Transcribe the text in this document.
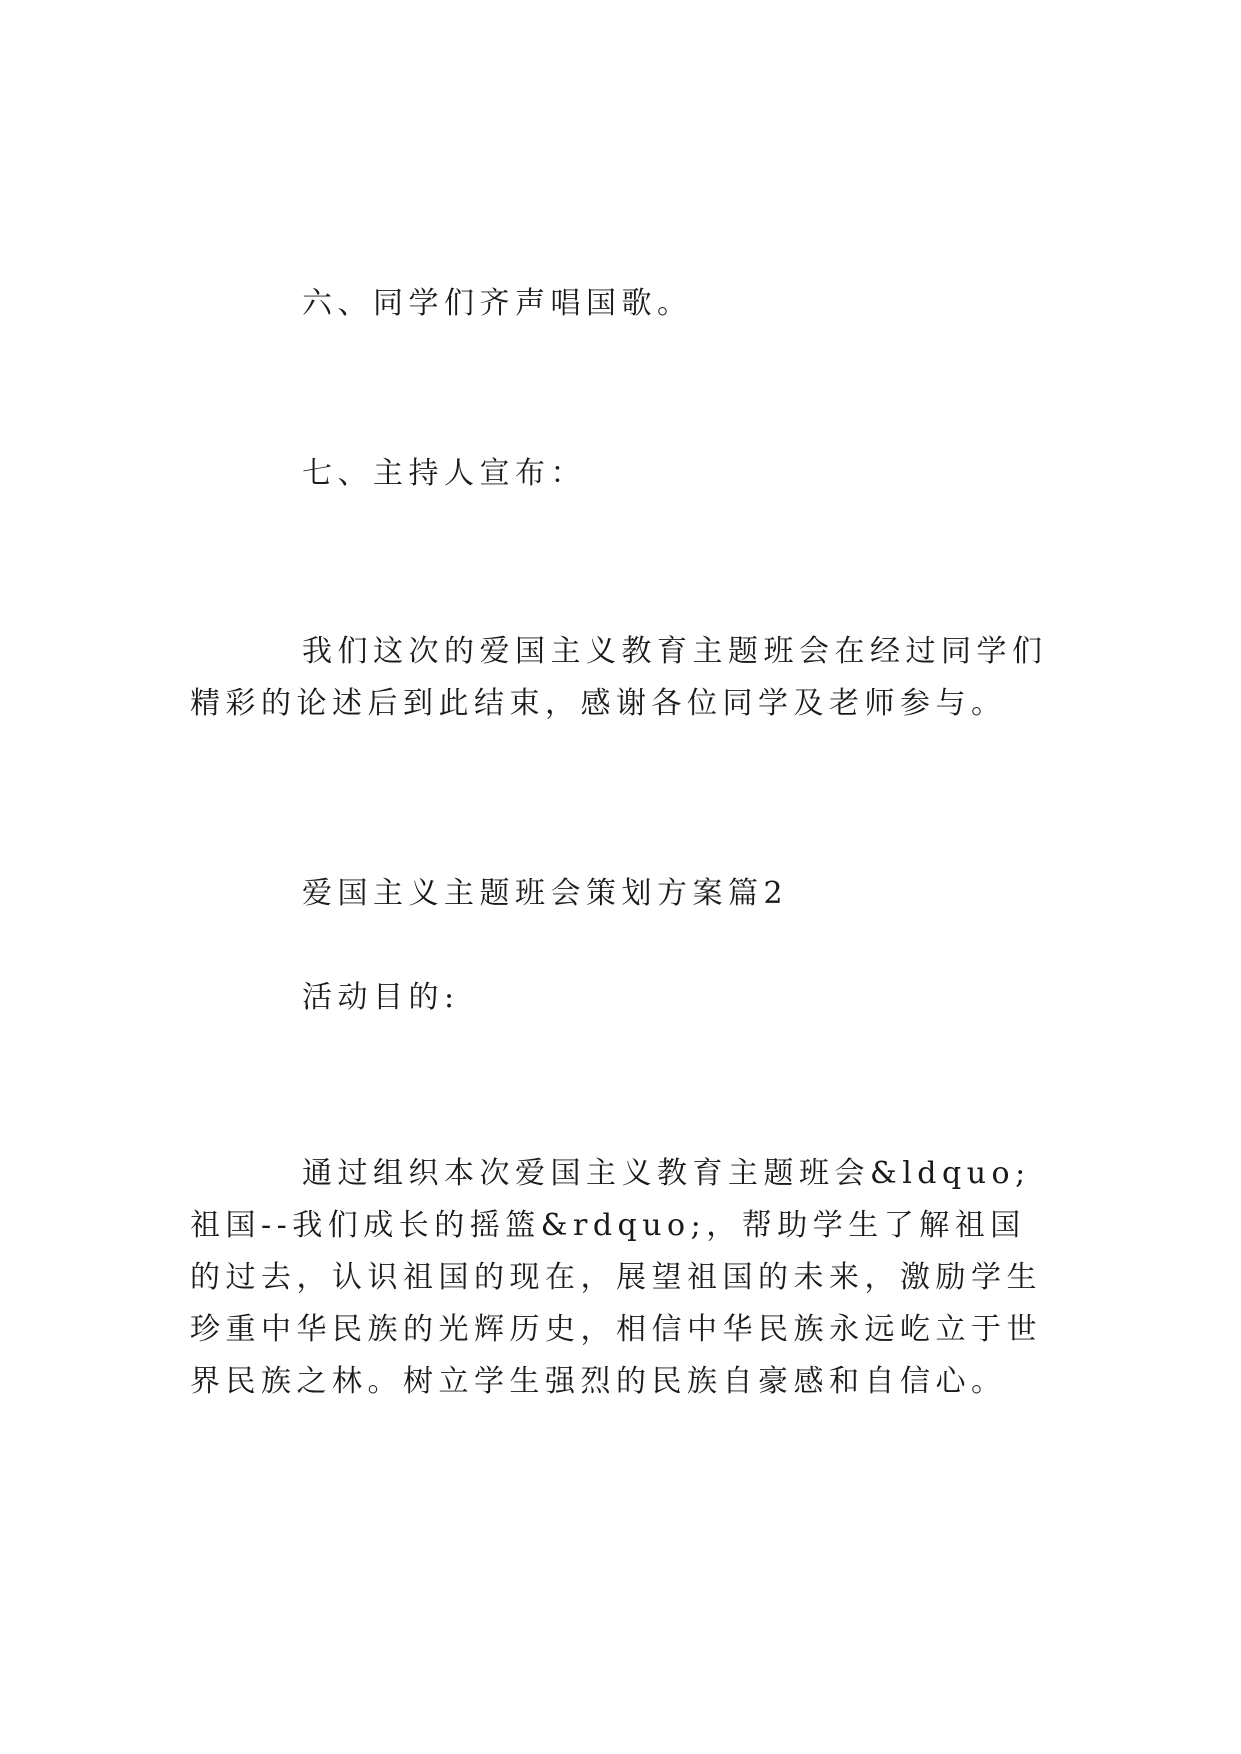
六、同学们齐声唱国歌。

七、主持人宣布：

我们这次的爱国主义教育主题班会在经过同学们精彩的论述后到此结束，感谢各位同学及老师参与。

爱国主义主题班会策划方案篇2

活动目的:

通过组织本次爱国主义教育主题班会&ldquo;祖国--我们成长的摇篮&rdquo;，帮助学生了解祖国的过去，认识祖国的现在，展望祖国的未来，激励学生珍重中华民族的光辉历史，相信中华民族永远屹立于世界民族之林。树立学生强烈的民族自豪感和自信心。
